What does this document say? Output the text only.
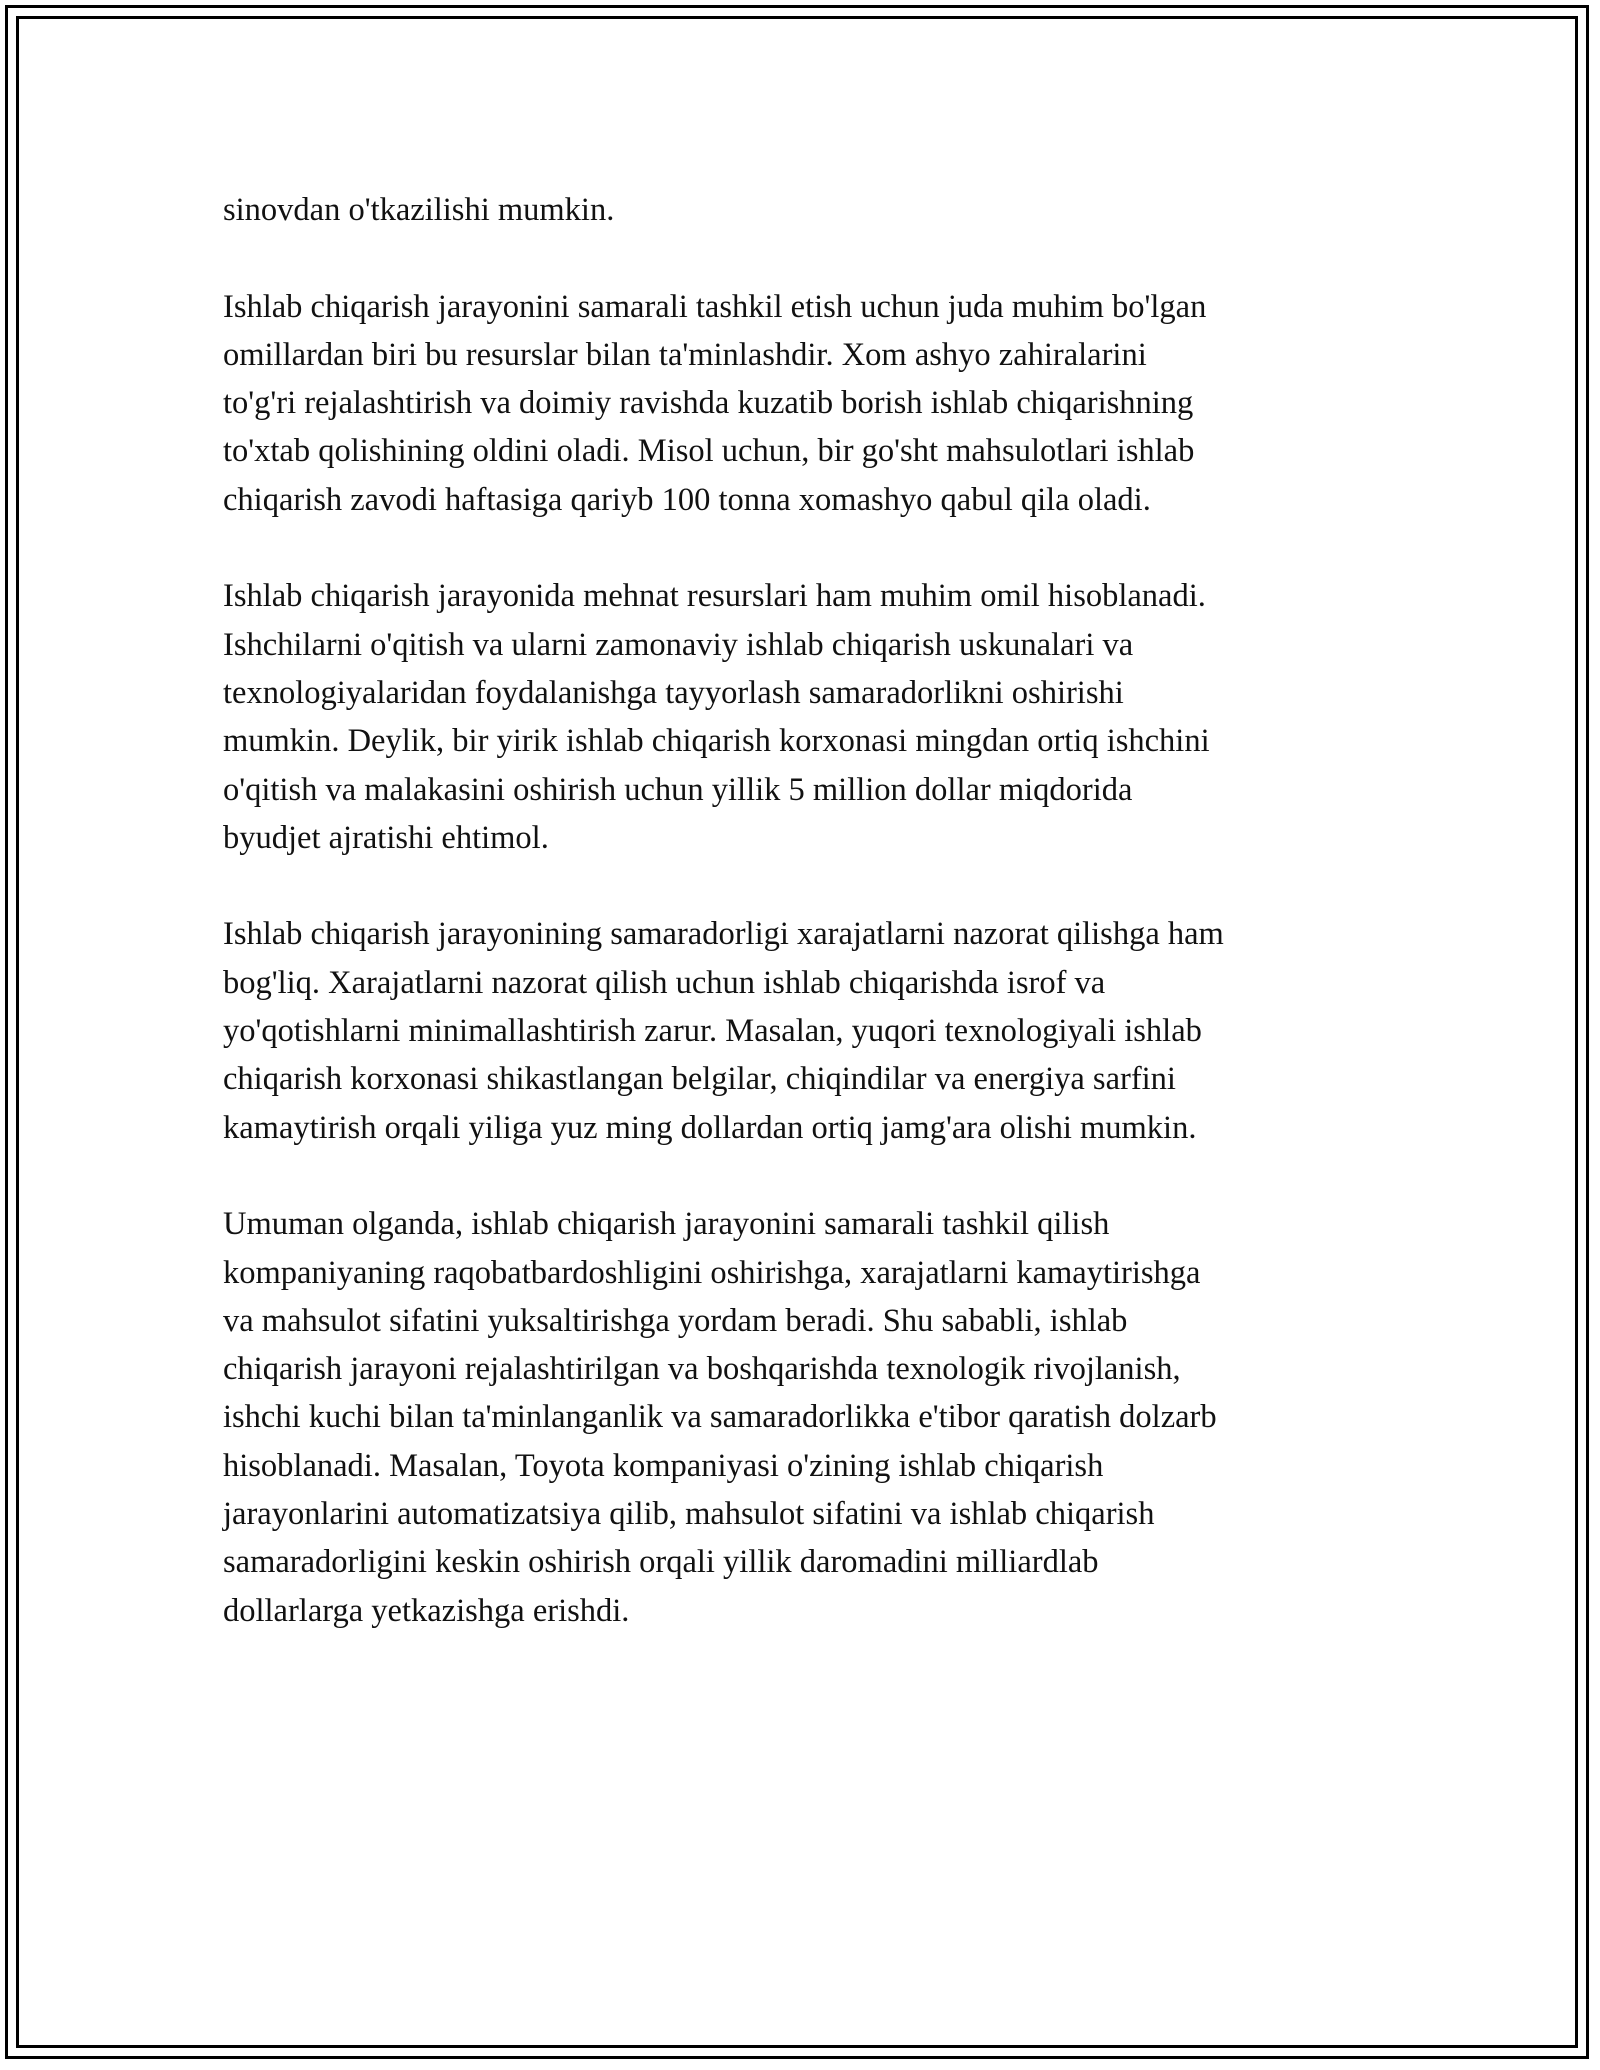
sinovdan o'tkazilishi mumkin.

Ishlab chiqarish jarayonini samarali tashkil etish uchun juda muhim bo'lgan
omillardan biri bu resurslar bilan ta'minlashdir. Xom ashyo zahiralarini
to'g'ri rejalashtirish va doimiy ravishda kuzatib borish ishlab chiqarishning
to'xtab qolishining oldini oladi. Misol uchun, bir go'sht mahsulotlari ishlab
chiqarish zavodi haftasiga qariyb 100 tonna xomashyo qabul qila oladi.

Ishlab chiqarish jarayonida mehnat resurslari ham muhim omil hisoblanadi.
Ishchilarni o'qitish va ularni zamonaviy ishlab chiqarish uskunalari va
texnologiyalaridan foydalanishga tayyorlash samaradorlikni oshirishi
mumkin. Deylik, bir yirik ishlab chiqarish korxonasi mingdan ortiq ishchini
o'qitish va malakasini oshirish uchun yillik 5 million dollar miqdorida
byudjet ajratishi ehtimol.

Ishlab chiqarish jarayonining samaradorligi xarajatlarni nazorat qilishga ham
bog'liq. Xarajatlarni nazorat qilish uchun ishlab chiqarishda isrof va
yo'qotishlarni minimallashtirish zarur. Masalan, yuqori texnologiyali ishlab
chiqarish korxonasi shikastlangan belgilar, chiqindilar va energiya sarfini
kamaytirish orqali yiliga yuz ming dollardan ortiq jamg'ara olishi mumkin.

Umuman olganda, ishlab chiqarish jarayonini samarali tashkil qilish
kompaniyaning raqobatbardoshligini oshirishga, xarajatlarni kamaytirishga
va mahsulot sifatini yuksaltirishga yordam beradi. Shu sababli, ishlab
chiqarish jarayoni rejalashtirilgan va boshqarishda texnologik rivojlanish,
ishchi kuchi bilan ta'minlanganlik va samaradorlikka e'tibor qaratish dolzarb
hisoblanadi. Masalan, Toyota kompaniyasi o'zining ishlab chiqarish
jarayonlarini automatizatsiya qilib, mahsulot sifatini va ishlab chiqarish
samaradorligini keskin oshirish orqali yillik daromadini milliardlab
dollarlarga yetkazishga erishdi.
